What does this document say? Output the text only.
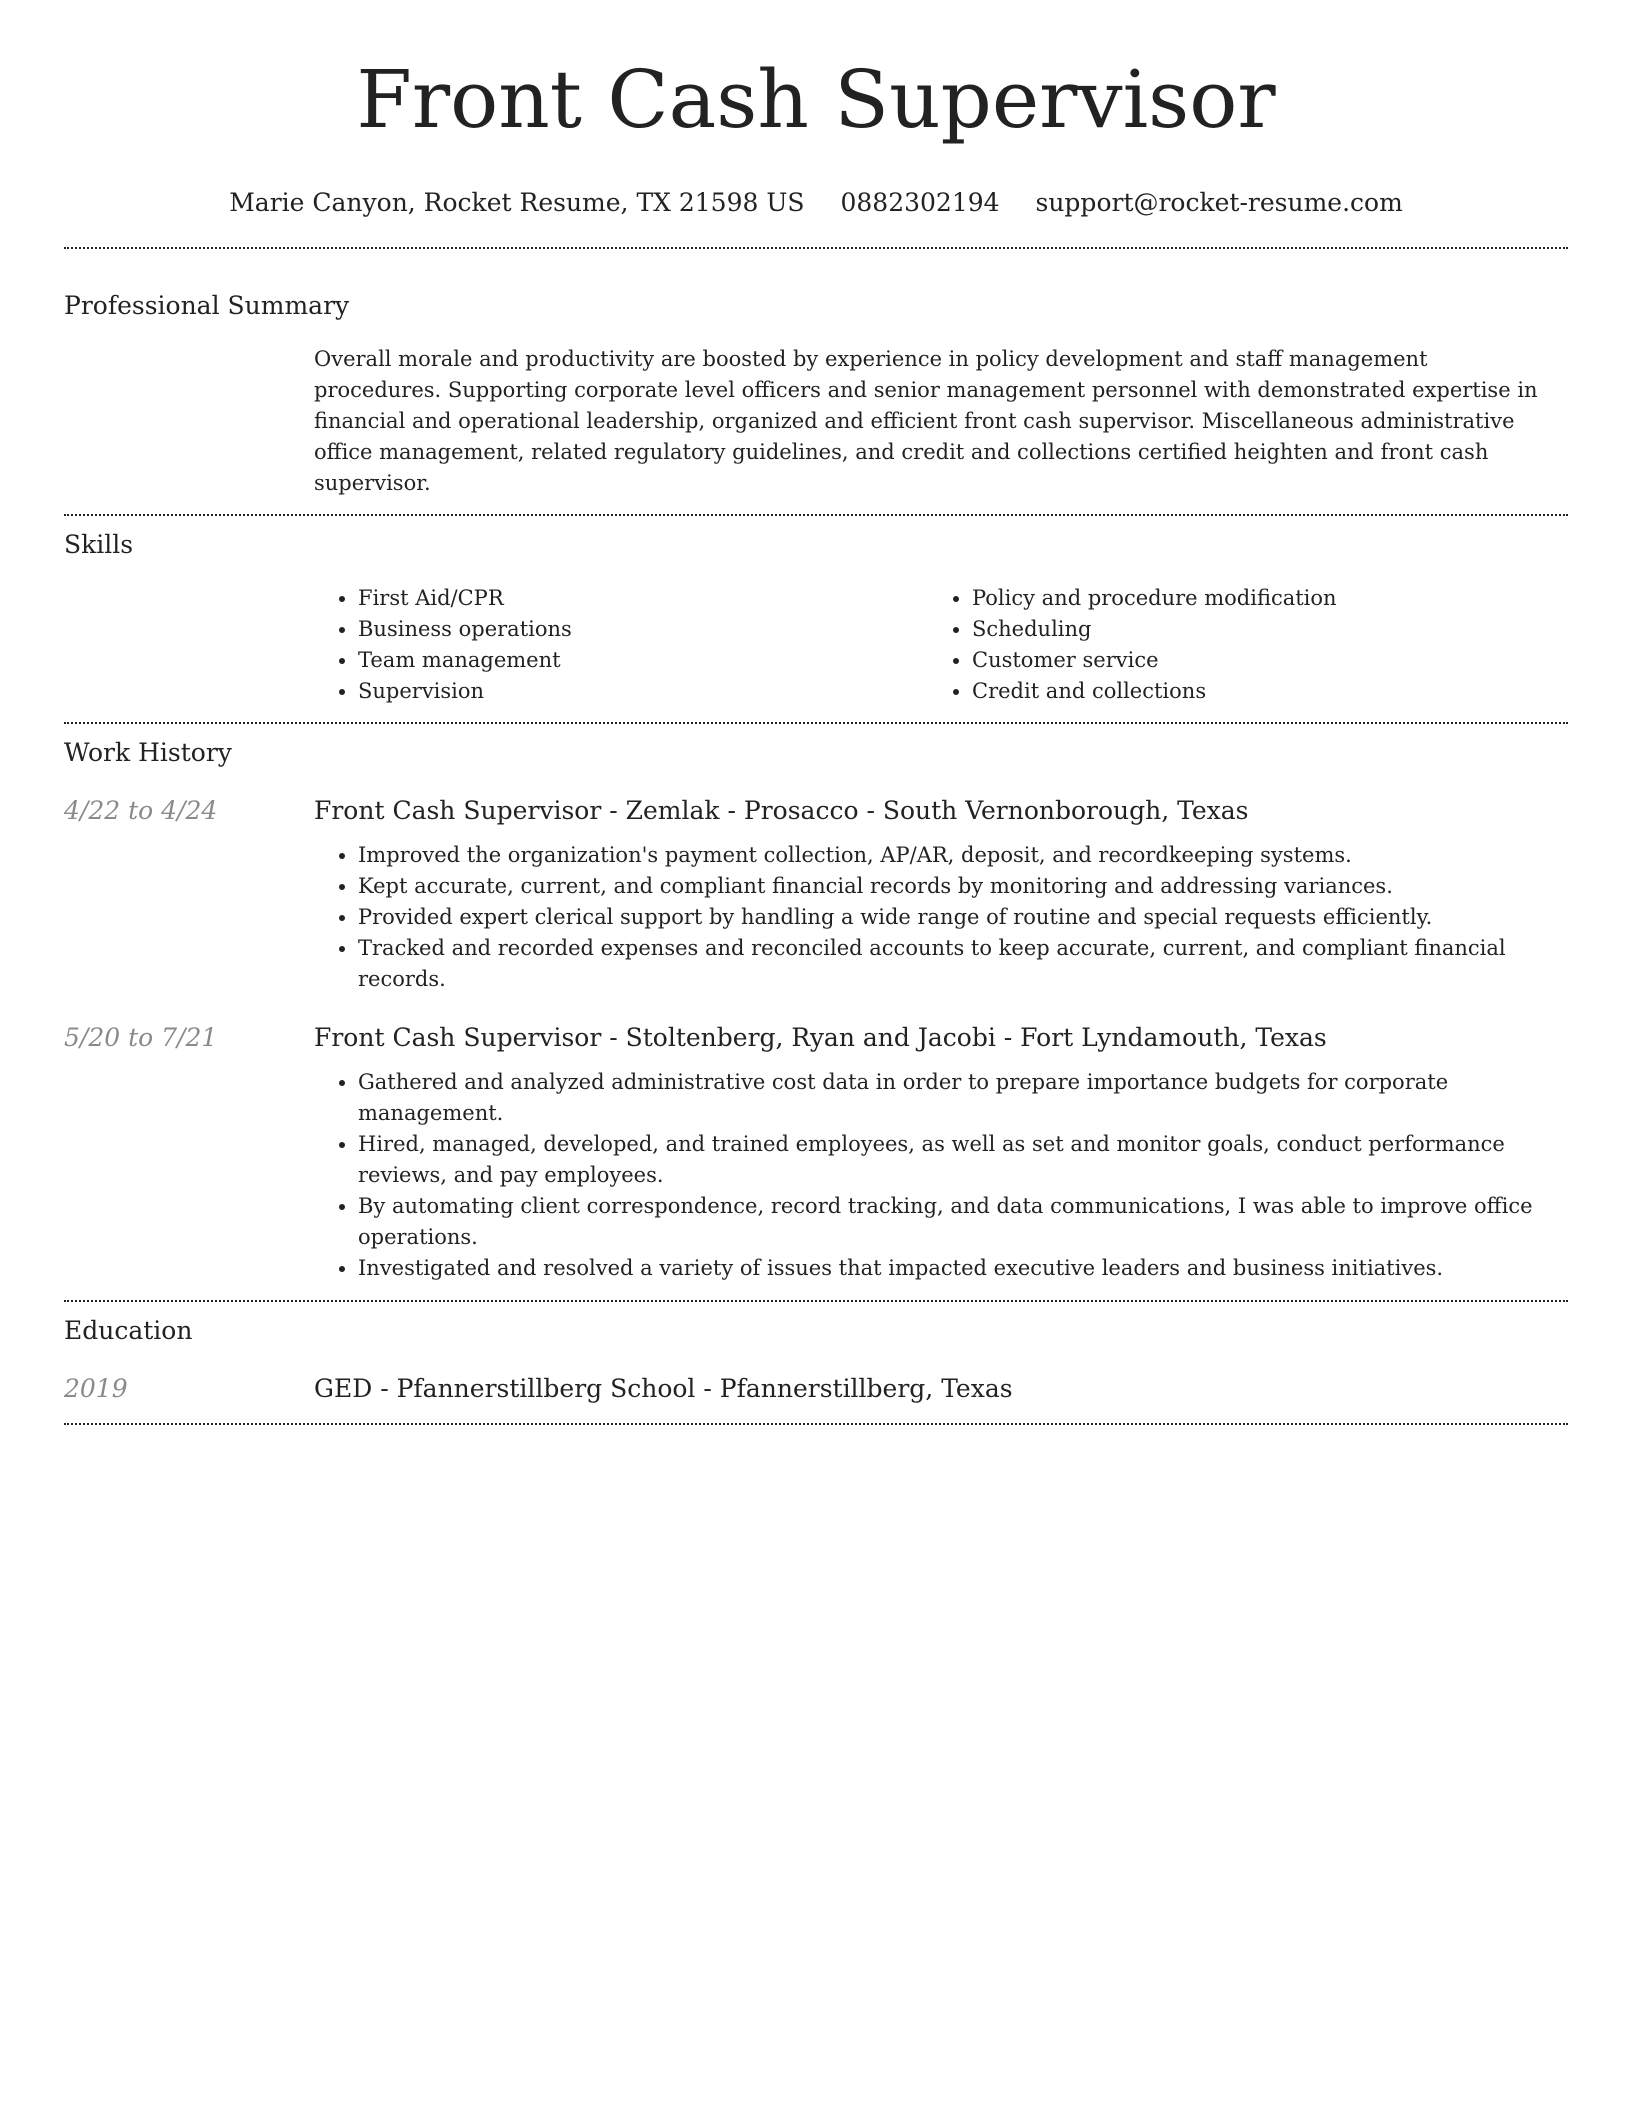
Front Cash Supervisor
Marie Canyon, Rocket Resume, TX 21598 US 0882302194 support@rocket-resume.com
Professional Summary

Overall morale and productivity are boosted by experience in policy development and staff management procedures. Supporting corporate level officers and senior management personnel with demonstrated expertise in financial and operational leadership, organized and efficient front cash supervisor. Miscellaneous administrative office management, related regulatory guidelines, and credit and collections certified heighten and front cash supervisor.

Skills
• First Aid/CPR
• Business operations
• Team management
• Supervision
• Policy and procedure modification
• Scheduling
• Customer service
• Credit and collections
Work History
4/22 to 4/24	Front Cash Supervisor - Zemlak - Prosacco - South Vernonborough, Texas
• Improved the organization's payment collection, AP/AR, deposit, and recordkeeping systems.
• Kept accurate, current, and compliant financial records by monitoring and addressing variances.
• Provided expert clerical support by handling a wide range of routine and special requests efficiently.
• Tracked and recorded expenses and reconciled accounts to keep accurate, current, and compliant financial records.
5/20 to 7/21	Front Cash Supervisor - Stoltenberg, Ryan and Jacobi - Fort Lyndamouth, Texas
• Gathered and analyzed administrative cost data in order to prepare importance budgets for corporate management.
• Hired, managed, developed, and trained employees, as well as set and monitor goals, conduct performance reviews, and pay employees.
• By automating client correspondence, record tracking, and data communications, I was able to improve office operations.
• Investigated and resolved a variety of issues that impacted executive leaders and business initiatives.
Education
2019	GED - Pfannerstillberg School - Pfannerstillberg, Texas
